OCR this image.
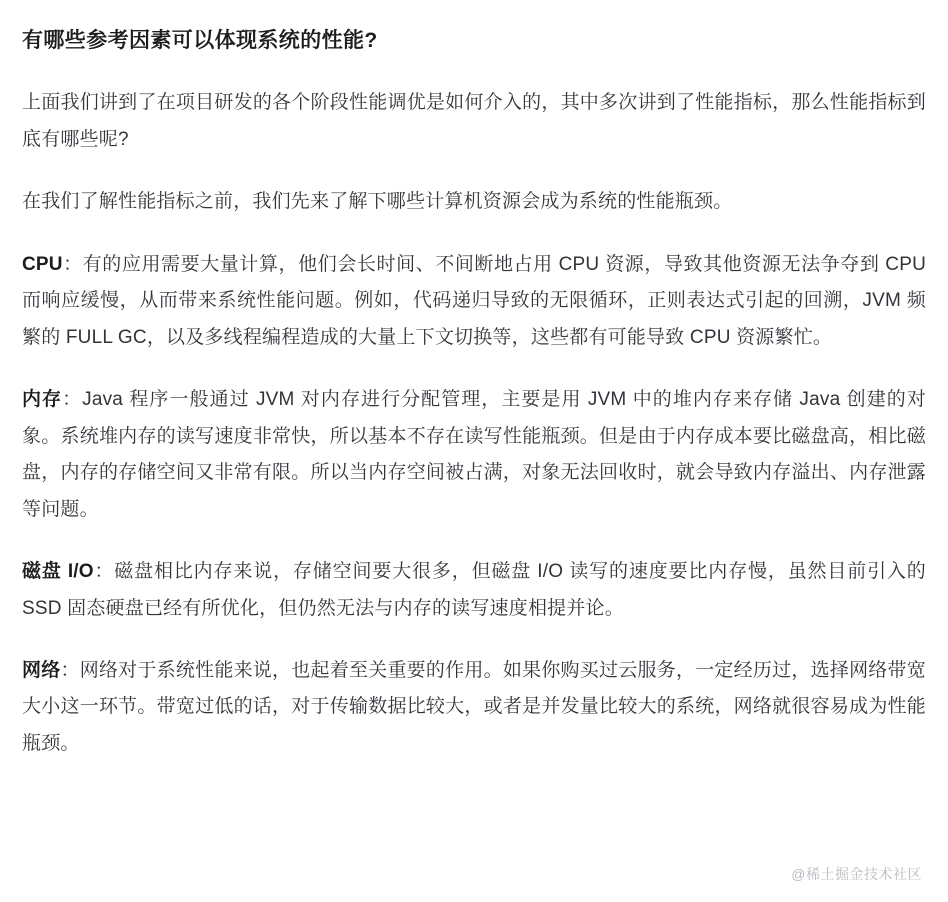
有哪些参考因素可以体现系统的性能?

上面我们讲到了在项目研发的各个阶段性能调优是如何介入的，其中多次讲到了性能指标，那么性能指标到底有哪些呢?

在我们了解性能指标之前，我们先来了解下哪些计算机资源会成为系统的性能瓶颈。

CPU：有的应用需要大量计算，他们会长时间、不间断地占用 CPU 资源，导致其他资源无法争夺到 CPU 而响应缓慢，从而带来系统性能问题。例如，代码递归导致的无限循环，正则表达式引起的回溯，JVM 频繁的 FULL GC，以及多线程编程造成的大量上下文切换等，这些都有可能导致 CPU 资源繁忙。

内存：Java 程序一般通过 JVM 对内存进行分配管理，主要是用 JVM 中的堆内存来存储 Java 创建的对象。系统堆内存的读写速度非常快，所以基本不存在读写性能瓶颈。但是由于内存成本要比磁盘高，相比磁盘，内存的存储空间又非常有限。所以当内存空间被占满，对象无法回收时，就会导致内存溢出、内存泄露等问题。

磁盘 I/O：磁盘相比内存来说，存储空间要大很多，但磁盘 I/O 读写的速度要比内存慢，虽然目前引入的 SSD 固态硬盘已经有所优化，但仍然无法与内存的读写速度相提并论。

网络：网络对于系统性能来说，也起着至关重要的作用。如果你购买过云服务，一定经历过，选择网络带宽大小这一环节。带宽过低的话，对于传输数据比较大，或者是并发量比较大的系统，网络就很容易成为性能瓶颈。

@稀土掘金技术社区
